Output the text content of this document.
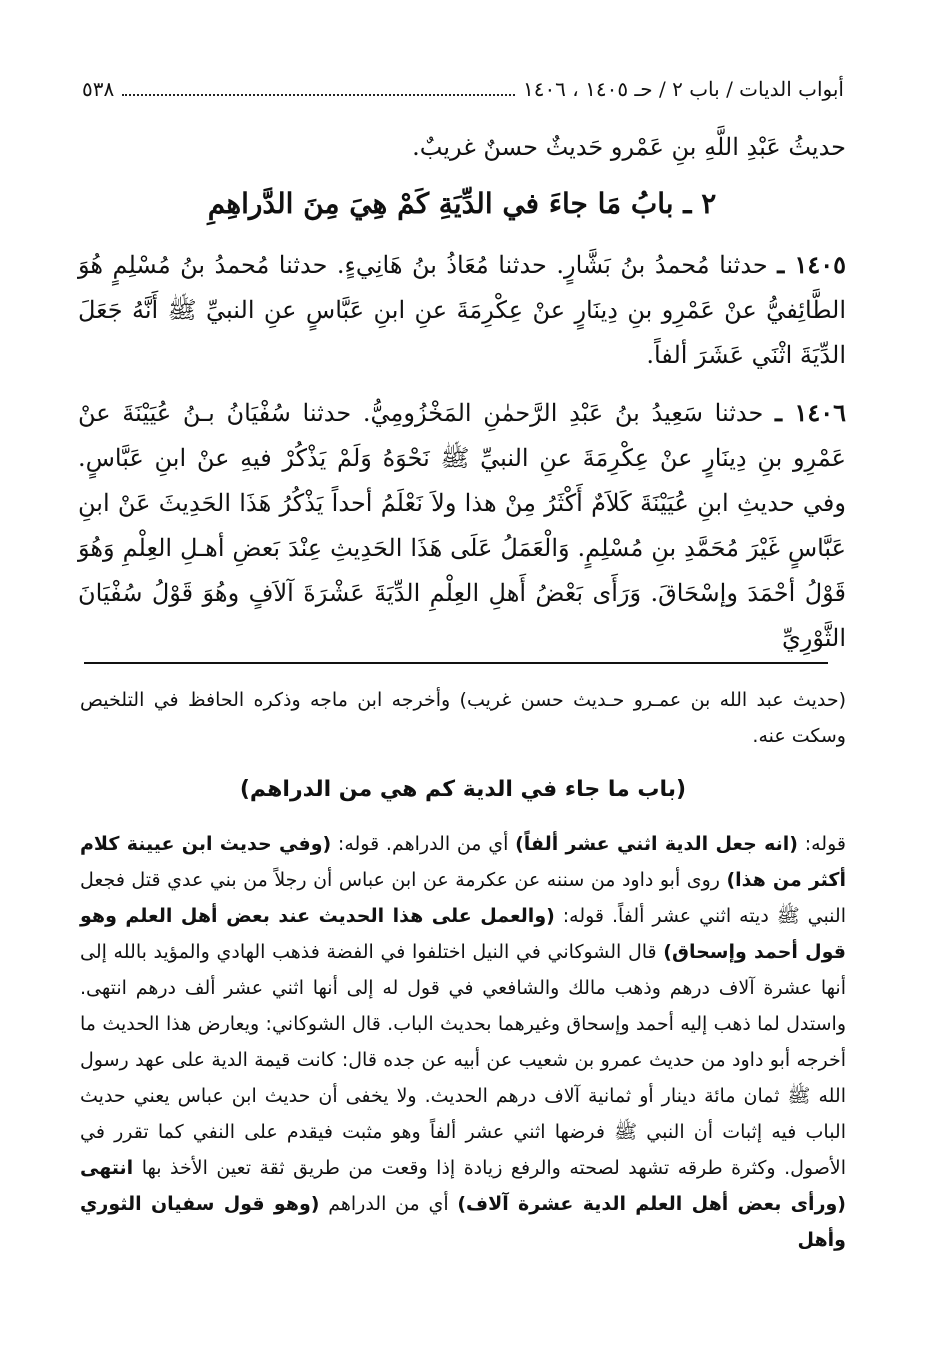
أبواب الديات / باب ٢ / حـ ١٤٠٥ ، ١٤٠٦
٥٣٨

حديثُ عَبْدِ اللَّهِ بنِ عَمْرو حَديثٌ حسنٌ غريبٌ.

٢ ـ بابُ مَا جاءَ في الدِّيَةِ كَمْ هِيَ مِنَ الدَّراهِمِ

١٤٠٥ ـ حدثنا مُحمدُ بنُ بَشَّارٍ. حدثنا مُعَاذُ بنُ هَانِيءٍ. حدثنا مُحمدُ بنُ مُسْلِمٍ هُوَ الطَّائِفيُّ عنْ عَمْرِو بنِ دِينَارٍ عنْ عِكْرِمَةَ عنِ ابنِ عَبَّاسٍ عنِ النبيِّ ﷺ أَنَّهُ جَعَلَ الدِّيَةَ اثْنَي عَشَرَ ألفاً.

١٤٠٦ ـ حدثنا سَعِيدُ بنُ عَبْدِ الرَّحمٰنِ المَخْزُومِيُّ. حدثنا سُفْيَانُ بـنُ عُيَيْنَةَ عنْ عَمْرِو بنِ دِينَارٍ عنْ عِكْرِمَةَ عنِ النبيِّ ﷺ نَحْوَهُ وَلَمْ يَذْكُرْ فيهِ عنْ ابنِ عَبَّاسٍ. وفي حديثِ ابنِ عُيَيْنَةَ كَلاَمٌ أَكْثَرُ مِنْ هذا ولاَ نَعْلَمُ أحداً يَذْكُرُ هَذَا الحَدِيثَ عَنْ ابنِ عَبَّاسٍ غَيْرَ مُحَمَّدِ بنِ مُسْلِمٍ. وَالْعَمَلُ عَلَى هَذَا الحَدِيثِ عِنْدَ بَعضِ أهـلِ العِلْمِ وَهُوَ قَوْلُ أحْمَدَ وإسْحَاقَ. وَرَأَى بَعْضُ أَهلِ العِلْمِ الدِّيَةَ عَشْرَةَ آلاَفٍ وهُوَ قَوْلُ سُفْيَانَ الثَّوْرِيِّ

(حديث عبد الله بن عمـرو حـديث حسن غريب) وأخرجه ابن ماجه وذكره الحافظ في التلخيص وسكت عنه.

(باب ما جاء في الدية كم هي من الدراهم)

قوله: (انه جعل الدية اثني عشر ألفاً) أي من الدراهم. قوله: (وفي حديث ابن عيينة كلام أكثر من هذا) روى أبو داود من سننه عن عكرمة عن ابن عباس أن رجلاً من بني عدي قتل فجعل النبي ﷺ ديته اثني عشر ألفاً. قوله: (والعمل على هذا الحديث عند بعض أهل العلم وهو قول أحمد وإسحاق) قال الشوكاني في النيل اختلفوا في الفضة فذهب الهادي والمؤيد بالله إلى أنها عشرة آلاف درهم وذهب مالك والشافعي في قول له إلى أنها اثني عشر ألف درهم انتهى. واستدل لما ذهب إليه أحمد وإسحاق وغيرهما بحديث الباب. قال الشوكاني: ويعارض هذا الحديث ما أخرجه أبو داود من حديث عمرو بن شعيب عن أبيه عن جده قال: كانت قيمة الدية على عهد رسول الله ﷺ ثمان مائة دينار أو ثمانية آلاف درهم الحديث. ولا يخفى أن حديث ابن عباس يعني حديث الباب فيه إثبات أن النبي ﷺ فرضها اثني عشر ألفاً وهو مثبت فيقدم على النفي كما تقرر في الأصول. وكثرة طرقه تشهد لصحته والرفع زيادة إذا وقعت من طريق ثقة تعين الأخذ بها انتهى (ورأى بعض أهل العلم الدية عشرة آلاف) أي من الدراهم (وهو قول سفيان الثوري وأهل
